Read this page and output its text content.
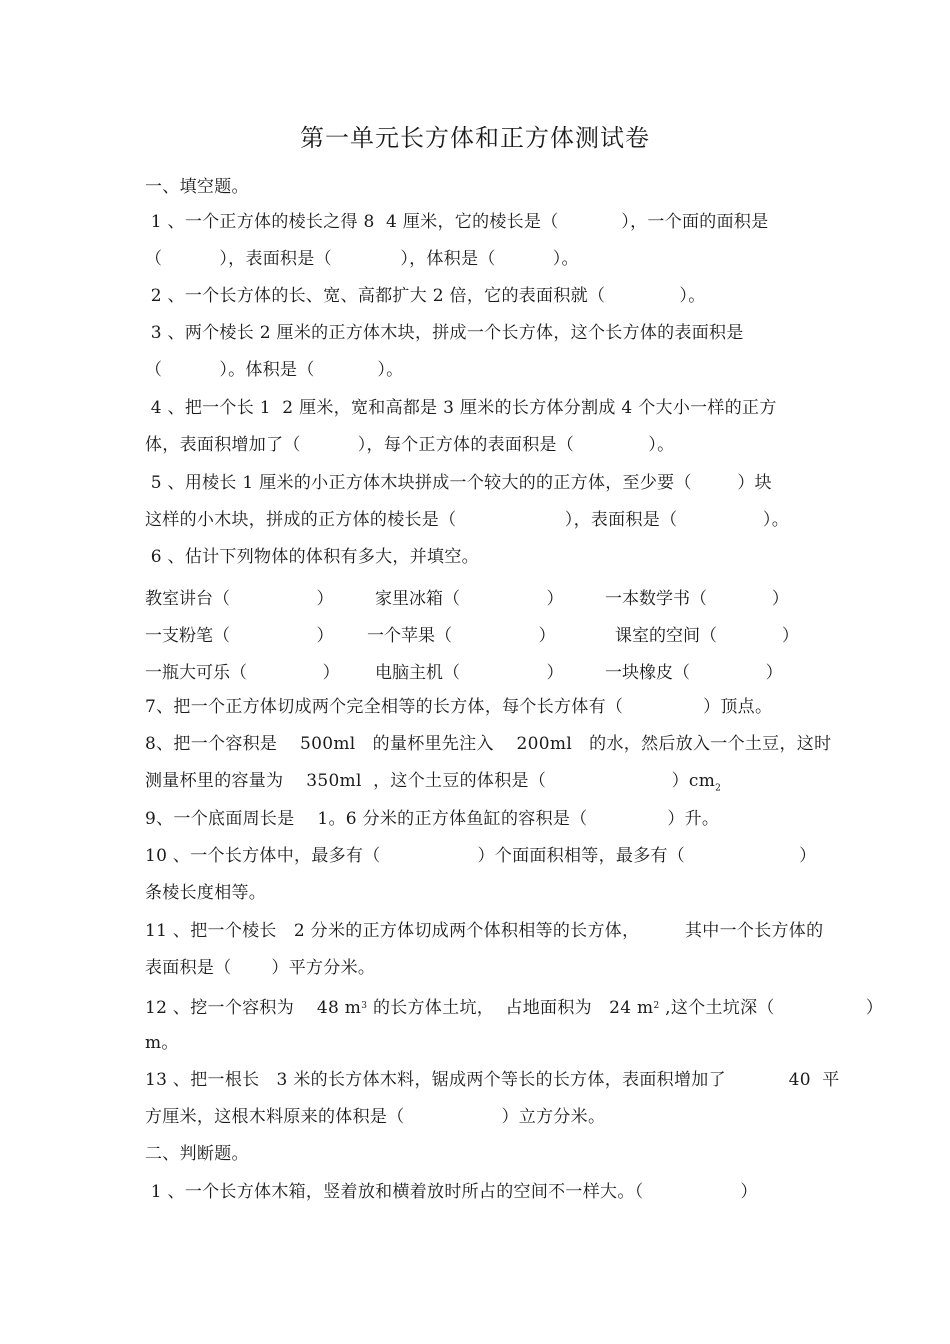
第一单元长方体和正方体测试卷
一、填空题。
1 、一个正方体的棱长之得 8  4 厘米，它的棱长是（           ），一个面的面积是
（          ），表面积是（            ），体积是（          ）。
2 、一个长方体的长、宽、高都扩大 2 倍，它的表面积就（             ）。
3 、两个棱长 2 厘米的正方体木块，拼成一个长方体，这个长方体的表面积是
（          ）。体积是（           ）。
4 、把一个长 1  2 厘米，宽和高都是 3 厘米的长方体分割成 4 个大小一样的正方
体，表面积增加了（          ），每个正方体的表面积是（             ）。
5 、用棱长 1 厘米的小正方体木块拼成一个较大的的正方体，至少要（        ）块
这样的小木块，拼成的正方体的棱长是（                   ），表面积是（               ）。
6 、估计下列物体的体积有多大，并填空。
教室讲台（                ） 家里冰箱（                ） 一本数学书（            ）
一支粉笔（                ） 一个苹果（                ）	课室的空间（            ）
一瓶大可乐（              ） 电脑主机（                ） 一块橡皮（              ）
7、把一个正方体切成两个完全相等的长方体，每个长方体有（              ）顶点。
8、把一个容积是    500ml   的量杯里先注入    200ml   的水，然后放入一个土豆，这时
测量杯里的容量为    350ml  ，这个土豆的体积是（                      ）$cm_2$
9、一个底面周长是    1。6 分米的正方体鱼缸的容积是（              ）升。
10 、一个长方体中，最多有（                 ）个面面积相等，最多有（                    ）
条棱长度相等。
11 、把一个棱长   2 分米的正方体切成两个体积相等的长方体，        其中一个长方体的
表面积是（       ）平方分米。
12 、挖一个容积为    48 $m^3$ 的长方体土坑，  占地面积为   24 $m^2$ ,这个土坑深（                ）
m。
13 、把一根长   3 米的长方体木料，锯成两个等长的长方体，表面积增加了           40  平
方厘米，这根木料原来的体积是（                 ）立方分米。
二、判断题。
1 、一个长方体木箱，竖着放和横着放时所占的空间不一样大。（                 ）
